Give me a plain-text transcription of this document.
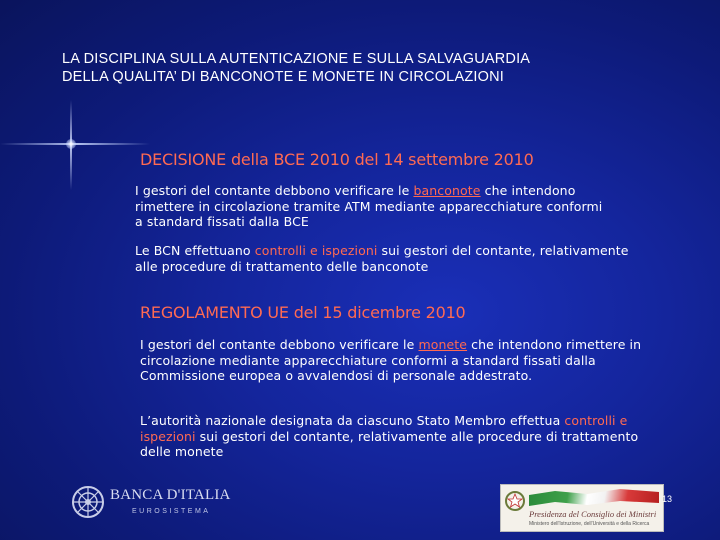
LA DISCIPLINA SULLA AUTENTICAZIONE E SULLA SALVAGUARDIA
DELLA QUALITA’ DI BANCONOTE E MONETE IN CIRCOLAZIONI
DECISIONE della BCE 2010 del 14 settembre 2010
I gestori del contante debbono verificare le banconote che intendono rimettere in circolazione tramite ATM mediante apparecchiature conformi a standard fissati dalla BCE
Le BCN effettuano controlli e ispezioni sui gestori del contante, relativamente alle procedure di trattamento delle banconote
REGOLAMENTO UE del 15 dicembre 2010
I gestori del contante debbono verificare le monete che intendono rimettere in circolazione mediante apparecchiature conformi a standard fissati dalla Commissione europea o avvalendosi di personale addestrato.
L’autorità nazionale designata da ciascuno Stato Membro effettua controlli e ispezioni sui gestori del contante, relativamente alle procedure di trattamento delle monete
BANCA D'ITALIA
EUROSISTEMA	Presidenza del Consiglio dei Ministri
Ministero dell'Istruzione, dell'Università e della Ricerca
13
